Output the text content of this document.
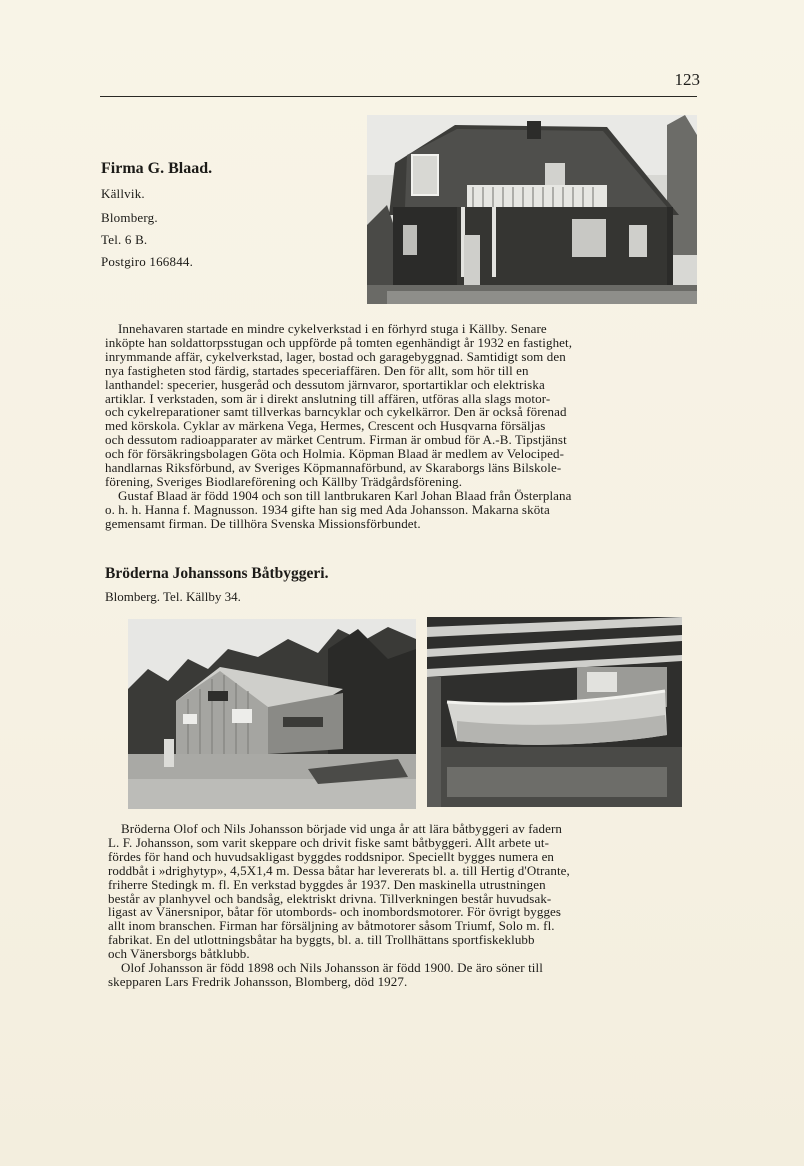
123
Firma G. Blaad.
Källvik.
Blomberg.
Tel. 6 B.
Postgiro 166844.
Innehavaren startade en mindre cykelverkstad i en förhyrd stuga i Källby. Senare
inköpte han soldattorpsstugan och uppförde på tomten egenhändigt år 1932 en fastighet,
inrymmande affär, cykelverkstad, lager, bostad och garagebyggnad. Samtidigt som den
nya fastigheten stod färdig, startades speceriaffären. Den för allt, som hör till en
lanthandel: specerier, husgeråd och dessutom järnvaror, sportartiklar och elektriska
artiklar. I verkstaden, som är i direkt anslutning till affären, utföras alla slags motor-
och cykelreparationer samt tillverkas barncyklar och cykelkärror. Den är också förenad
med körskola. Cyklar av märkena Vega, Hermes, Crescent och Husqvarna försäljas
och dessutom radioapparater av märket Centrum. Firman är ombud för A.-B. Tipstjänst
och för försäkringsbolagen Göta och Holmia. Köpman Blaad är medlem av Velociped-
handlarnas Riksförbund, av Sveriges Köpmannaförbund, av Skaraborgs läns Bilskole-
förening, Sveriges Biodlareförening och Källby Trädgårdsförening.
Gustaf Blaad är född 1904 och son till lantbrukaren Karl Johan Blaad från Österplana
o. h. h. Hanna f. Magnusson. 1934 gifte han sig med Ada Johansson. Makarna sköta
gemensamt firman. De tillhöra Svenska Missionsförbundet.
Bröderna Johanssons Båtbyggeri.
Blomberg. Tel. Källby 34.
Bröderna Olof och Nils Johansson började vid unga år att lära båtbyggeri av fadern
L. F. Johansson, som varit skeppare och drivit fiske samt båtbyggeri. Allt arbete ut-
fördes för hand och huvudsakligast byggdes roddsnipor. Speciellt bygges numera en
roddbåt i »drighytyp», 4,5X1,4 m. Dessa båtar har levererats bl. a. till Hertig d'Otrante,
friherre Stedingk m. fl. En verkstad byggdes år 1937. Den maskinella utrustningen
består av planhyvel och bandsåg, elektriskt drivna. Tillverkningen består huvudsak-
ligast av Vänersnipor, båtar för utombords- och inombordsmotorer. För övrigt bygges
allt inom branschen. Firman har försäljning av båtmotorer såsom Triumf, Solo m. fl.
fabrikat. En del utlottningsbåtar ha byggts, bl. a. till Trollhättans sportfiskeklubb
och Vänersborgs båtklubb.
Olof Johansson är född 1898 och Nils Johansson är född 1900. De äro söner till
skepparen Lars Fredrik Johansson, Blomberg, död 1927.
